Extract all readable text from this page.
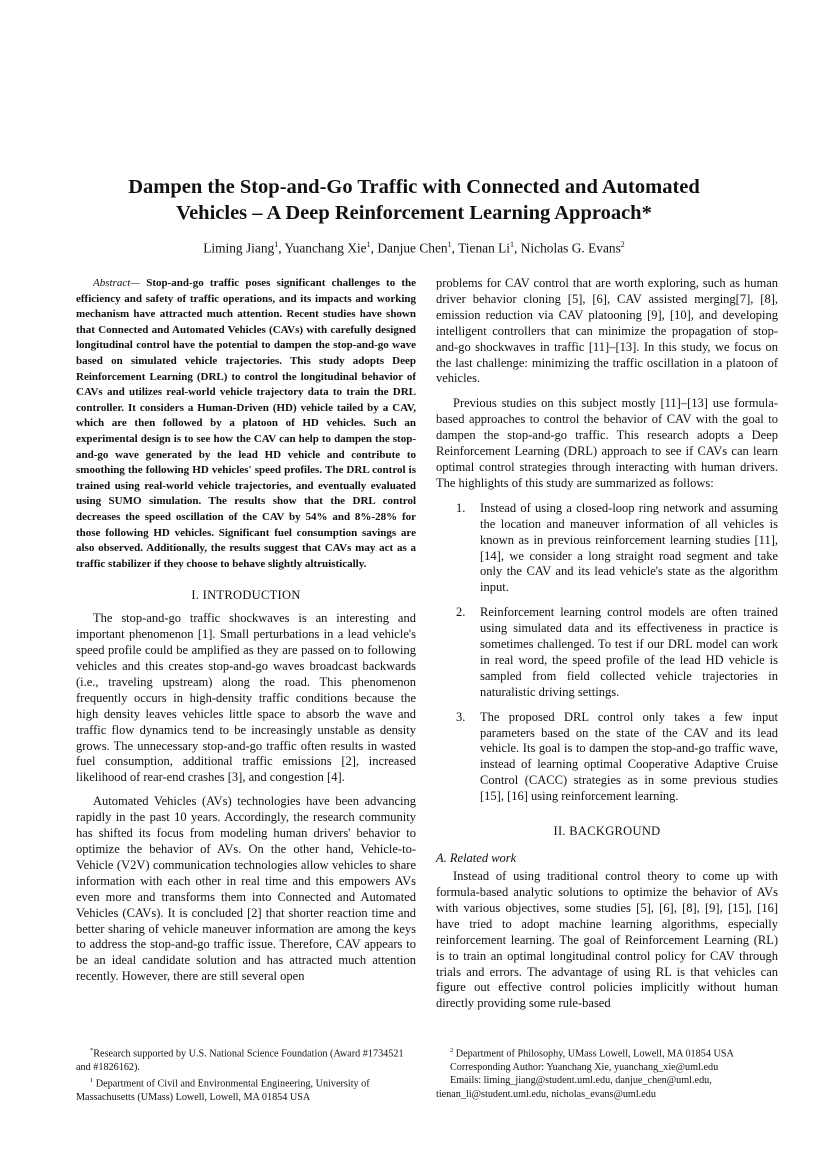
Dampen the Stop-and-Go Traffic with Connected and Automated
Vehicles – A Deep Reinforcement Learning Approach*
Liming Jiang$^1$, Yuanchang Xie$^1$, Danjue Chen$^1$, Tienan Li$^1$, Nicholas G. Evans$^2$

Abstract— Stop-and-go traffic poses significant challenges to the efficiency and safety of traffic operations, and its impacts and working mechanism have attracted much attention. Recent studies have shown that Connected and Automated Vehicles (CAVs) with carefully designed longitudinal control have the potential to dampen the stop-and-go wave based on simulated vehicle trajectories. This study adopts Deep Reinforcement Learning (DRL) to control the longitudinal behavior of CAVs and utilizes real-world vehicle trajectory data to train the DRL controller. It considers a Human-Driven (HD) vehicle tailed by a CAV, which are then followed by a platoon of HD vehicles. Such an experimental design is to see how the CAV can help to dampen the stop-and-go wave generated by the lead HD vehicle and contribute to smoothing the following HD vehicles' speed profiles. The DRL control is trained using real-world vehicle trajectories, and eventually evaluated using SUMO simulation. The results show that the DRL control decreases the speed oscillation of the CAV by 54% and 8%-28% for those following HD vehicles. Significant fuel consumption savings are also observed. Additionally, the results suggest that CAVs may act as a traffic stabilizer if they choose to behave slightly altruistically.

I. INTRODUCTION

The stop-and-go traffic shockwaves is an interesting and important phenomenon [1]. Small perturbations in a lead vehicle's speed profile could be amplified as they are passed on to following vehicles and this creates stop-and-go waves broadcast backwards (i.e., traveling upstream) along the road. This phenomenon frequently occurs in high-density traffic conditions because the high density leaves vehicles little space to absorb the wave and traffic flow dynamics tend to be increasingly unstable as density grows. The unnecessary stop-and-go traffic often results in wasted fuel consumption, additional traffic emissions [2], increased likelihood of rear-end crashes [3], and congestion [4].

Automated Vehicles (AVs) technologies have been advancing rapidly in the past 10 years. Accordingly, the research community has shifted its focus from modeling human drivers' behavior to optimize the behavior of AVs. On the other hand, Vehicle-to-Vehicle (V2V) communication technologies allow vehicles to share information with each other in real time and this empowers AVs even more and transforms them into Connected and Automated Vehicles (CAVs). It is concluded [2] that shorter reaction time and better sharing of vehicle maneuver information are among the keys to address the stop-and-go traffic issue. Therefore, CAV appears to be an ideal candidate solution and has attracted much attention recently. However, there are still several open

problems for CAV control that are worth exploring, such as human driver behavior cloning [5], [6], CAV assisted merging[7], [8], emission reduction via CAV platooning [9], [10], and developing intelligent controllers that can minimize the propagation of stop-and-go shockwaves in traffic [11]–[13]. In this study, we focus on the last challenge: minimizing the traffic oscillation in a platoon of vehicles.

Previous studies on this subject mostly [11]–[13] use formula-based approaches to control the behavior of CAV with the goal to dampen the stop-and-go traffic. This research adopts a Deep Reinforcement Learning (DRL) approach to see if CAVs can learn optimal control strategies through interacting with human drivers. The highlights of this study are summarized as follows:

1. Instead of using a closed-loop ring network and assuming the location and maneuver information of all vehicles is known as in previous reinforcement learning studies [11], [14], we consider a long straight road segment and take only the CAV and its lead vehicle's state as the algorithm input.
2. Reinforcement learning control models are often trained using simulated data and its effectiveness in practice is sometimes challenged. To test if our DRL model can work in real word, the speed profile of the lead HD vehicle is sampled from field collected vehicle trajectories in naturalistic driving settings.
3. The proposed DRL control only takes a few input parameters based on the state of the CAV and its lead vehicle. Its goal is to dampen the stop-and-go traffic wave, instead of learning optimal Cooperative Adaptive Cruise Control (CACC) strategies as in some previous studies [15], [16] using reinforcement learning.
II. BACKGROUND
A. Related work

Instead of using traditional control theory to come up with formula-based analytic solutions to optimize the behavior of AVs with various objectives, some studies [5], [6], [8], [9], [15], [16] have tried to adopt machine learning algorithms, especially reinforcement learning. The goal of Reinforcement Learning (RL) is to train an optimal longitudinal control policy for CAV through trials and errors. The advantage of using RL is that vehicles can figure out effective control policies implicitly without human directly providing some rule-based

*Research supported by U.S. National Science Foundation (Award #1734521 and #1826162).

$^1$ Department of Civil and Environmental Engineering, University of Massachusetts (UMass) Lowell, Lowell, MA 01854 USA

$^2$ Department of Philosophy, UMass Lowell, Lowell, MA 01854 USA

Corresponding Author: Yuanchang Xie, yuanchang_xie@uml.edu

Emails: liming_jiang@student.uml.edu, danjue_chen@uml.edu, tienan_li@student.uml.edu, nicholas_evans@uml.edu
